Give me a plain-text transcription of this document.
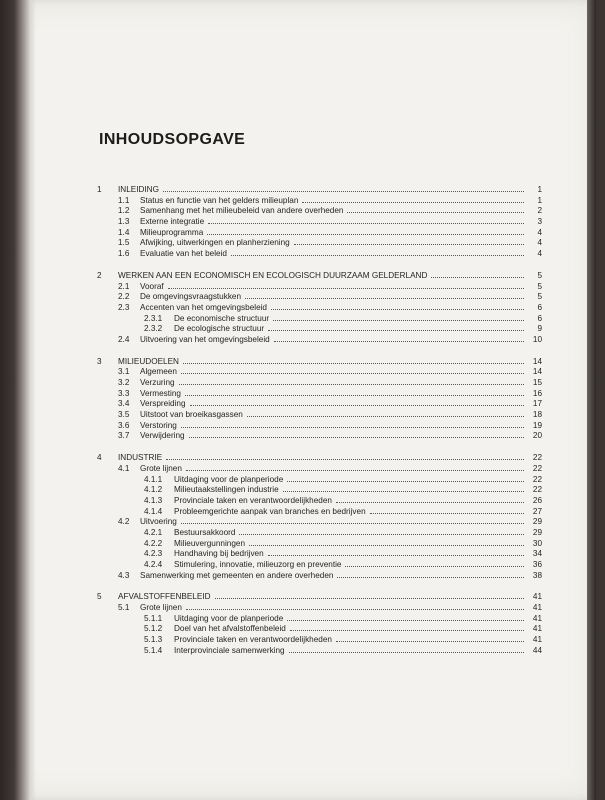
INHOUDSOPGAVE
1	INLEIDING	1
1.1	Status en functie van het gelders milieuplan	1
1.2	Samenhang met het milieubeleid van andere overheden	2
1.3	Externe integratie	3
1.4	Milieuprogramma	4
1.5	Afwijking, uitwerkingen en planherziening	4
1.6	Evaluatie van het beleid	4
2	WERKEN AAN EEN ECONOMISCH EN ECOLOGISCH DUURZAAM GELDERLAND	5
2.1	Vooraf	5
2.2	De omgevingsvraagstukken	5
2.3	Accenten van het omgevingsbeleid	6
2.3.1	De economische structuur	6
2.3.2	De ecologische structuur	9
2.4	Uitvoering van het omgevingsbeleid	10
3	MILIEUDOELEN	14
3.1	Algemeen	14
3.2	Verzuring	15
3.3	Vermesting	16
3.4	Verspreiding	17
3.5	Uitstoot van broeikasgassen	18
3.6	Verstoring	19
3.7	Verwijdering	20
4	INDUSTRIE	22
4.1	Grote lijnen	22
4.1.1	Uitdaging voor de planperiode	22
4.1.2	Milieutaakstellingen industrie	22
4.1.3	Provinciale taken en verantwoordelijkheden	26
4.1.4	Probleemgerichte aanpak van branches en bedrijven	27
4.2	Uitvoering	29
4.2.1	Bestuursakkoord	29
4.2.2	Milieuvergunningen	30
4.2.3	Handhaving bij bedrijven	34
4.2.4	Stimulering, innovatie, milieuzorg en preventie	36
4.3	Samenwerking met gemeenten en andere overheden	38
5	AFVALSTOFFENBELEID	41
5.1	Grote lijnen	41
5.1.1	Uitdaging voor de planperiode	41
5.1.2	Doel van het afvalstoffenbeleid	41
5.1.3	Provinciale taken en verantwoordelijkheden	41
5.1.4	Interprovinciale samenwerking	44
